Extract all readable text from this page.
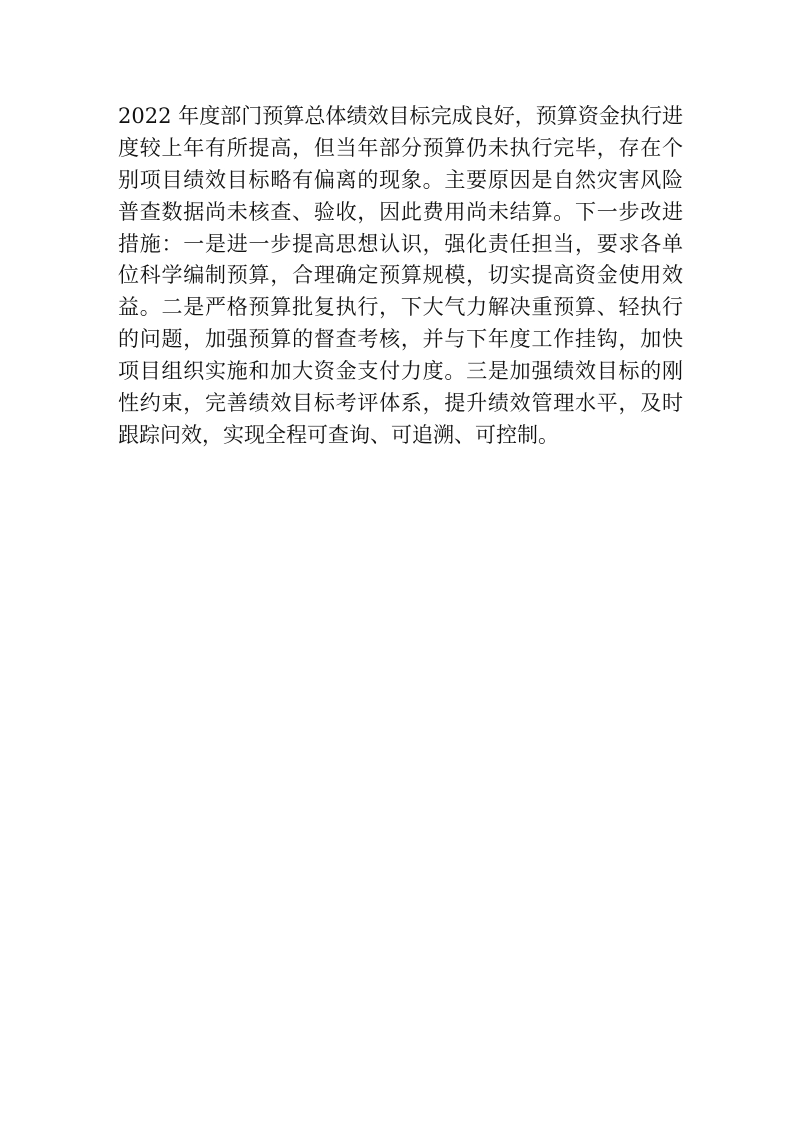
2022 年度部门预算总体绩效目标完成良好，预算资金执行进
度较上年有所提高，但当年部分预算仍未执行完毕，存在个
别项目绩效目标略有偏离的现象。主要原因是自然灾害风险
普查数据尚未核查、验收，因此费用尚未结算。下一步改进
措施：一是进一步提高思想认识，强化责任担当，要求各单
位科学编制预算，合理确定预算规模，切实提高资金使用效
益。二是严格预算批复执行，下大气力解决重预算、轻执行
的问题，加强预算的督查考核，并与下年度工作挂钩，加快
项目组织实施和加大资金支付力度。三是加强绩效目标的刚
性约束，完善绩效目标考评体系，提升绩效管理水平，及时
跟踪问效，实现全程可查询、可追溯、可控制。
